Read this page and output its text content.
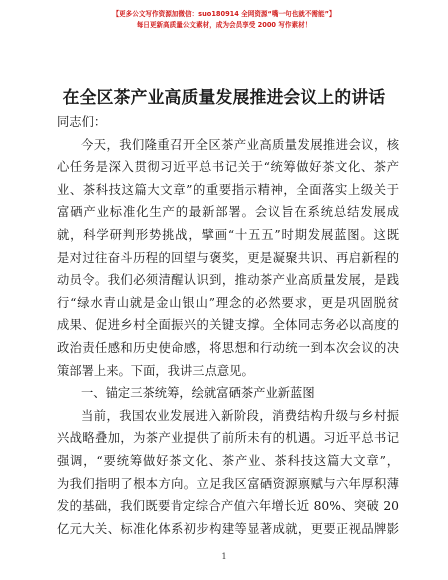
【更多公文写作资源加微信：suo180914 全网资源“嘴一句也就不需能”】
每日更新高质量公文素材，成为会员享受 2000 写作素材！
在全区茶产业高质量发展推进会议上的讲话
同志们：
今天，我们隆重召开全区茶产业高质量发展推进会议，核
心任务是深入贯彻习近平总书记关于“统筹做好茶文化、茶产
业、茶科技这篇大文章”的重要指示精神，全面落实上级关于
富硒产业标准化生产的最新部署。会议旨在系统总结发展成
就，科学研判形势挑战，擘画“十五五”时期发展蓝图。这既
是对过往奋斗历程的回望与褒奖，更是凝聚共识、再启新程的
动员令。我们必须清醒认识到，推动茶产业高质量发展，是践
行“绿水青山就是金山银山”理念的必然要求，更是巩固脱贫
成果、促进乡村全面振兴的关键支撑。全体同志务必以高度的
政治责任感和历史使命感，将思想和行动统一到本次会议的决
策部署上来。下面，我讲三点意见。
一、锚定三茶统筹，绘就富硒茶产业新蓝图
当前，我国农业发展进入新阶段，消费结构升级与乡村振
兴战略叠加，为茶产业提供了前所未有的机遇。习近平总书记
强调，“要统筹做好茶文化、茶产业、茶科技这篇大文章”，
为我们指明了根本方向。立足我区富硒资源禀赋与六年厚积薄
发的基础，我们既要肯定综合产值六年增长近 80%、突破 20
亿元大关、标准化体系初步构建等显著成就，更要正视品牌影
1
